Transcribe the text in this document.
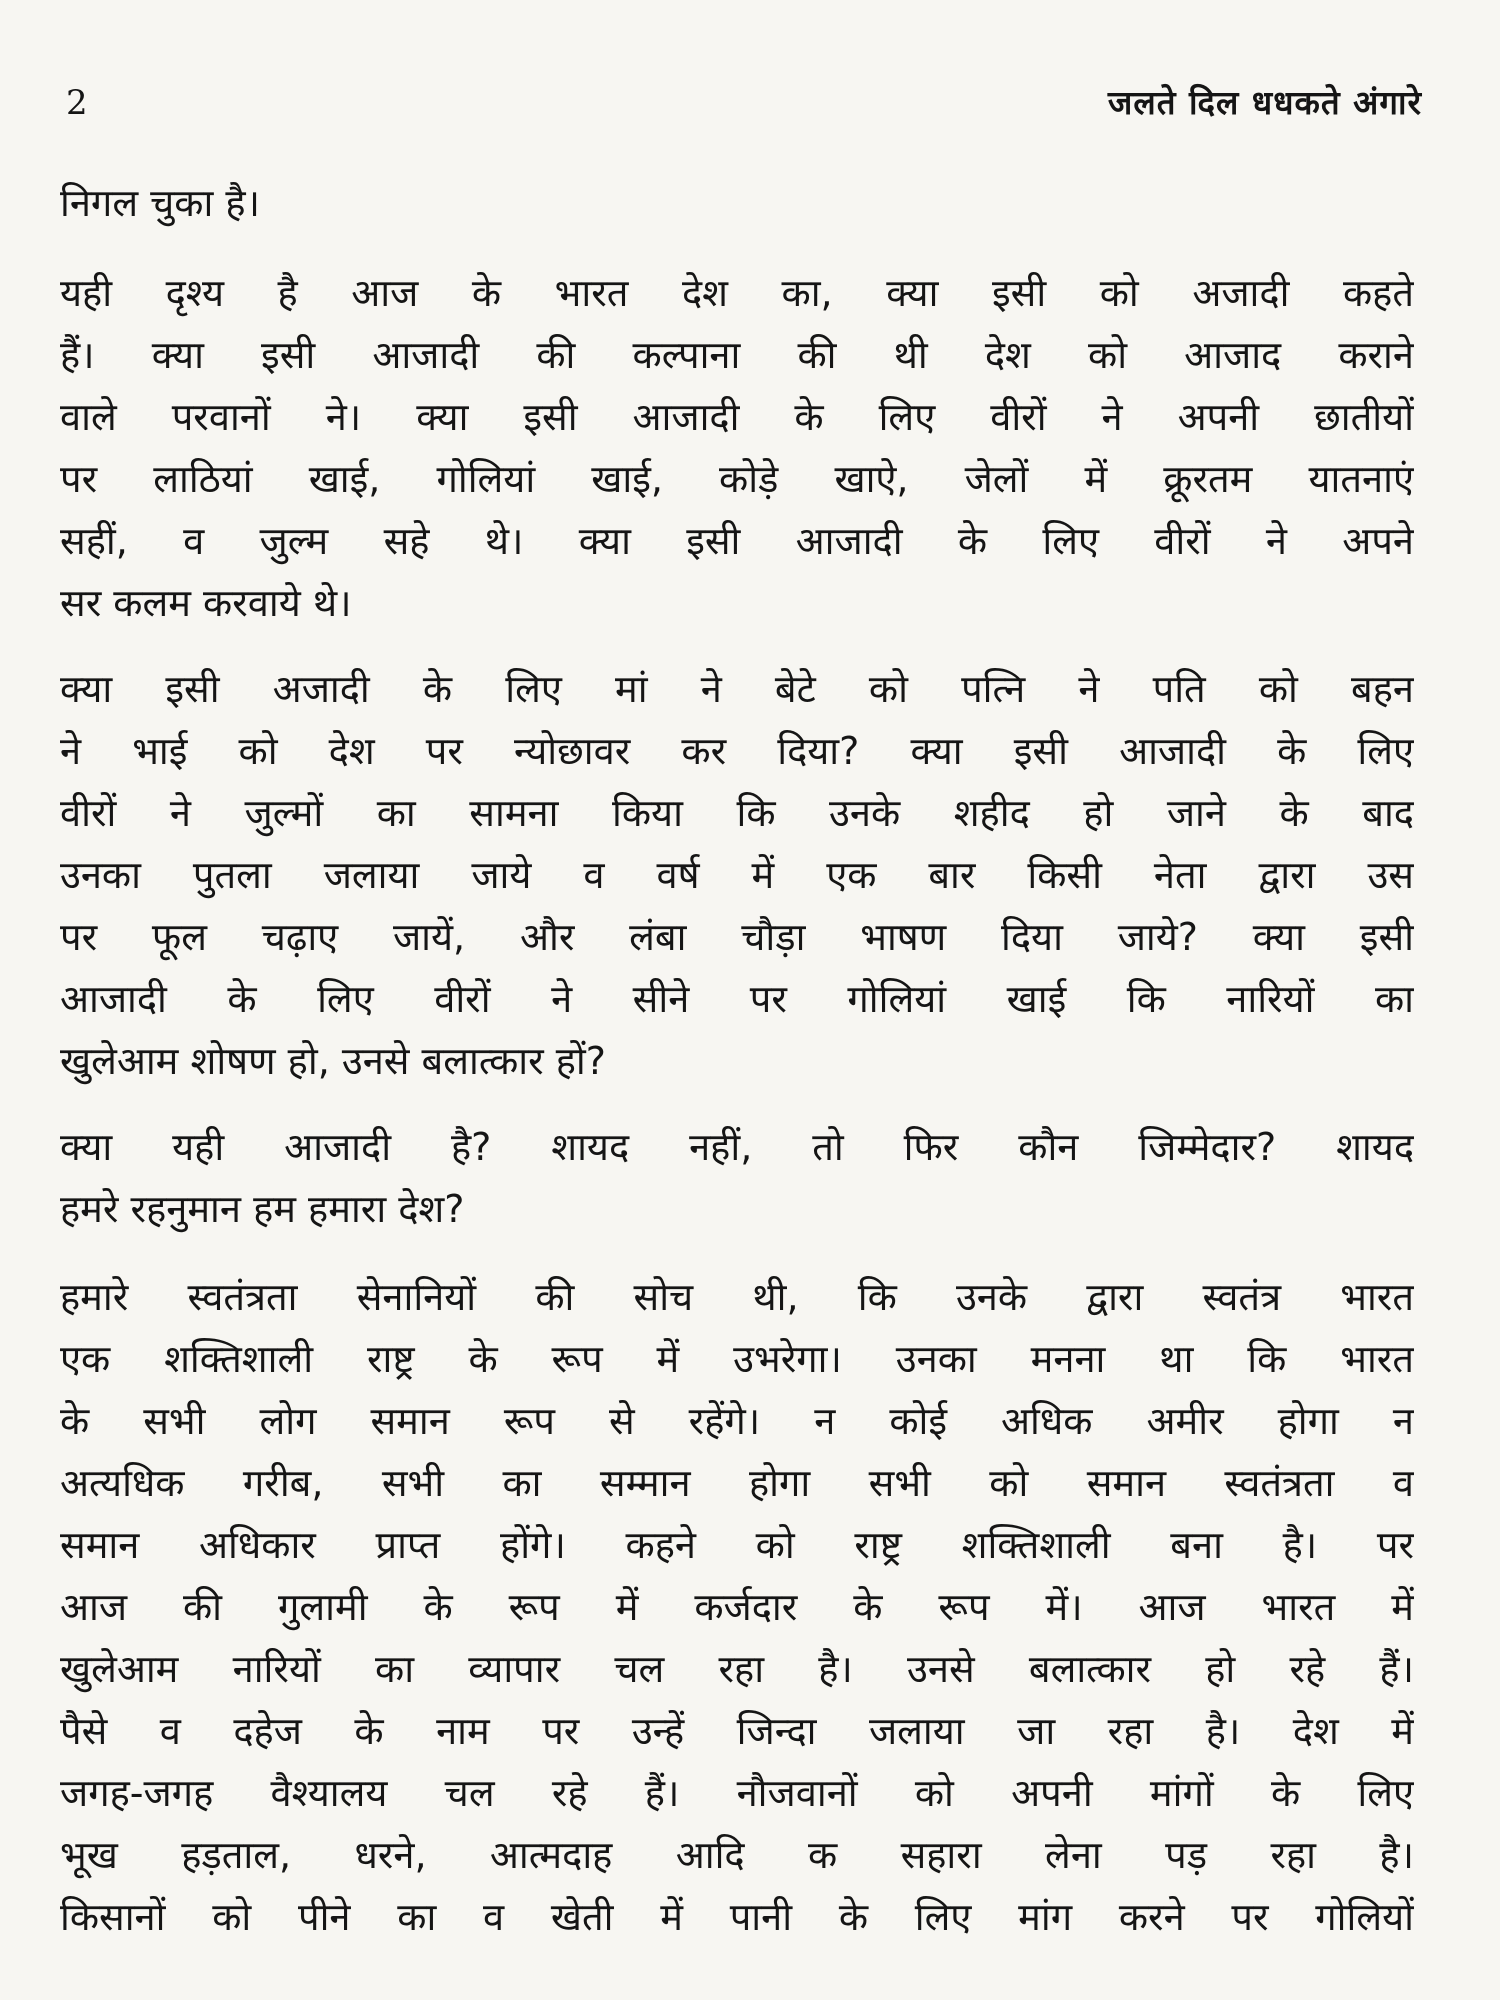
2	जलते दिल धधकते अंगारे

निगल चुका है।

यही दृश्य है आज के भारत देश का, क्या इसी को अजादी कहते
हैं। क्या इसी आजादी की कल्पाना की थी देश को आजाद कराने
वाले परवानों ने। क्या इसी आजादी के लिए वीरों ने अपनी छातीयों
पर लाठियां खाई, गोलियां खाई, कोड़े खाऐ, जेलों में क्रूरतम यातनाएं
सहीं, व जुल्म सहे थे। क्या इसी आजादी के लिए वीरों ने अपने
सर कलम करवाये थे।

क्या इसी अजादी के लिए मां ने बेटे को पत्नि ने पति को बहन
ने भाई को देश पर न्योछावर कर दिया? क्या इसी आजादी के लिए
वीरों ने जुल्मों का सामना किया कि उनके शहीद हो जाने के बाद
उनका पुतला जलाया जाये व वर्ष में एक बार किसी नेता द्वारा उस
पर फूल चढ़ाए जायें, और लंबा चौड़ा भाषण दिया जाये? क्या इसी
आजादी के लिए वीरों ने सीने पर गोलियां खाई कि नारियों का
खुलेआम शोषण हो, उनसे बलात्कार हों?

क्या यही आजादी है? शायद नहीं, तो फिर कौन जिम्मेदार? शायद
हमरे रहनुमान हम हमारा देश?

हमारे स्वतंत्रता सेनानियों की सोच थी, कि उनके द्वारा स्वतंत्र भारत
एक शक्तिशाली राष्ट्र के रूप में उभरेगा। उनका मनना था कि भारत
के सभी लोग समान रूप से रहेंगे। न कोई अधिक अमीर होगा न
अत्यधिक गरीब, सभी का सम्मान होगा सभी को समान स्वतंत्रता व
समान अधिकार प्राप्त होंगे। कहने को राष्ट्र शक्तिशाली बना है। पर
आज की गुलामी के रूप में कर्जदार के रूप में। आज भारत में
खुलेआम नारियों का व्यापार चल रहा है। उनसे बलात्कार हो रहे हैं।
पैसे व दहेज के नाम पर उन्हें जिन्दा जलाया जा रहा है। देश में
जगह-जगह वैश्यालय चल रहे हैं। नौजवानों को अपनी मांगों के लिए
भूख हड़ताल, धरने, आत्मदाह आदि क सहारा लेना पड़ रहा है।
किसानों को पीने का व खेती में पानी के लिए मांग करने पर गोलियों
